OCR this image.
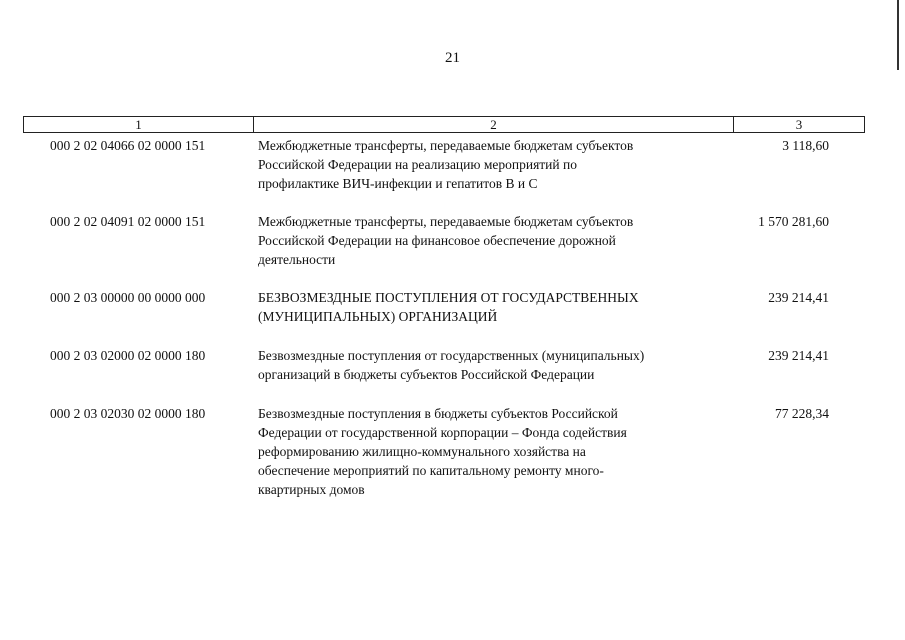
21
1	2	3
000 2 02 04066 02 0000 151	Межбюджетные трансферты, передаваемые бюджетам субъектов
Российской Федерации на реализацию мероприятий по
профилактике ВИЧ-инфекции и гепатитов В и С
3 118,60
000 2 02 04091 02 0000 151	Межбюджетные трансферты, передаваемые бюджетам субъектов
Российской Федерации на финансовое обеспечение дорожной
деятельности
1 570 281,60
000 2 03 00000 00 0000 000	БЕЗВОЗМЕЗДНЫЕ ПОСТУПЛЕНИЯ ОТ ГОСУДАРСТВЕННЫХ
(МУНИЦИПАЛЬНЫХ) ОРГАНИЗАЦИЙ
239 214,41
000 2 03 02000 02 0000 180	Безвозмездные поступления от государственных (муниципальных)
организаций в бюджеты субъектов Российской Федерации
239 214,41
000 2 03 02030 02 0000 180	Безвозмездные поступления в бюджеты субъектов Российской
Федерации от государственной корпорации – Фонда содействия
реформированию жилищно-коммунального хозяйства на
обеспечение мероприятий по капитальному ремонту много-
квартирных домов
77 228,34
